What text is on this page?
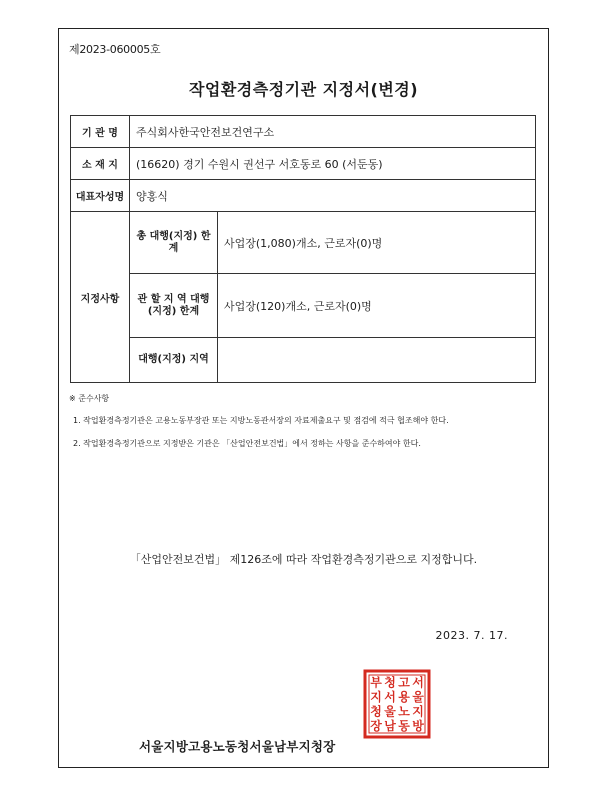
제2023-060005호
작업환경측정기관 지정서(변경)
기 관 명	주식회사한국안전보건연구소	
소 재 지	(16620) 경기 수원시 권선구 서호동로 60 (서둔동)	
대표자성명	양홍식	
지정사항	총 대행(지정) 한 계	사업장(1,080)개소, 근로자(0)명
	관 할 지 역 대행(지정) 한계	사업장(120)개소, 근로자(0)명
	대행(지정) 지역	
※ 준수사항
1. 작업환경측정기관은 고용노동부장관 또는 지방노동관서장의 자료제출요구 및 점검에 적극 협조해야 한다.
2. 작업환경측정기관으로 지정받은 기관은 「산업안전보건법」에서 정하는 사항을 준수하여야 한다.
「산업안전보건법」 제126조에 따라 작업환경측정기관으로 지정합니다.
2023. 7. 17.
서울지방고용노동청서울남부지청장
서
울
지
방
고
용
노
동
청
서
울
남
부
지
청
장
